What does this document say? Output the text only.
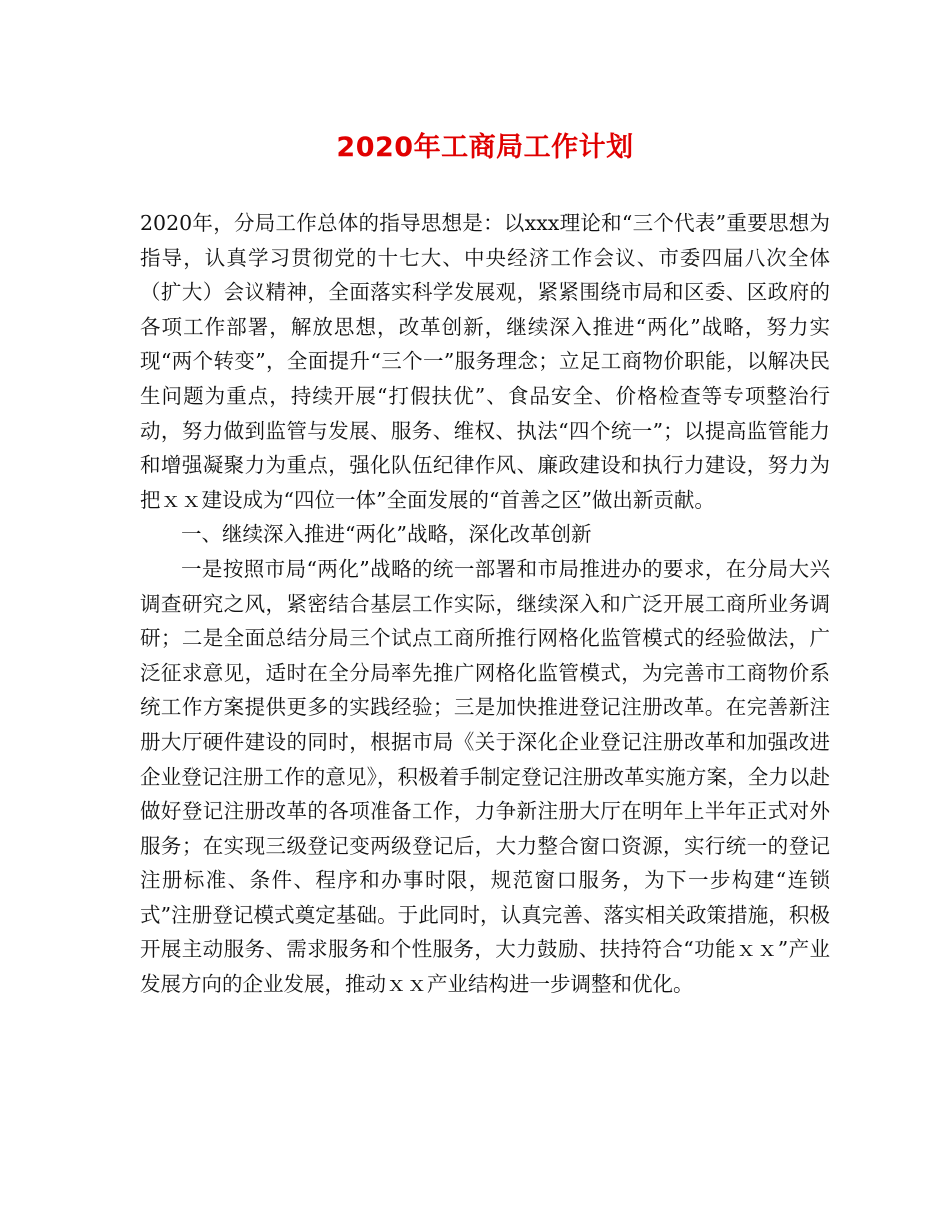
2020年工商局工作计划

2020年，分局工作总体的指导思想是：以xxx理论和“三个代表”重要思想为指导，认真学习贯彻党的十七大、中央经济工作会议、市委四届八次全体（扩大）会议精神，全面落实科学发展观，紧紧围绕市局和区委、区政府的各项工作部署，解放思想，改革创新，继续深入推进“两化”战略，努力实现“两个转变”，全面提升“三个一”服务理念；立足工商物价职能，以解决民生问题为重点，持续开展“打假扶优”、食品安全、价格检查等专项整治行动，努力做到监管与发展、服务、维权、执法“四个统一”；以提高监管能力和增强凝聚力为重点，强化队伍纪律作风、廉政建设和执行力建设，努力为把ｘｘ建设成为“四位一体”全面发展的“首善之区”做出新贡献。

一、继续深入推进“两化”战略，深化改革创新

一是按照市局“两化”战略的统一部署和市局推进办的要求，在分局大兴调查研究之风，紧密结合基层工作实际，继续深入和广泛开展工商所业务调研；二是全面总结分局三个试点工商所推行网格化监管模式的经验做法，广泛征求意见，适时在全分局率先推广网格化监管模式，为完善市工商物价系统工作方案提供更多的实践经验；三是加快推进登记注册改革。在完善新注册大厅硬件建设的同时，根据市局《关于深化企业登记注册改革和加强改进企业登记注册工作的意见》，积极着手制定登记注册改革实施方案，全力以赴做好登记注册改革的各项准备工作，力争新注册大厅在明年上半年正式对外服务；在实现三级登记变两级登记后，大力整合窗口资源，实行统一的登记注册标准、条件、程序和办事时限，规范窗口服务，为下一步构建“连锁式”注册登记模式奠定基础。于此同时，认真完善、落实相关政策措施，积极开展主动服务、需求服务和个性服务，大力鼓励、扶持符合“功能ｘｘ”产业发展方向的企业发展，推动ｘｘ产业结构进一步调整和优化。
